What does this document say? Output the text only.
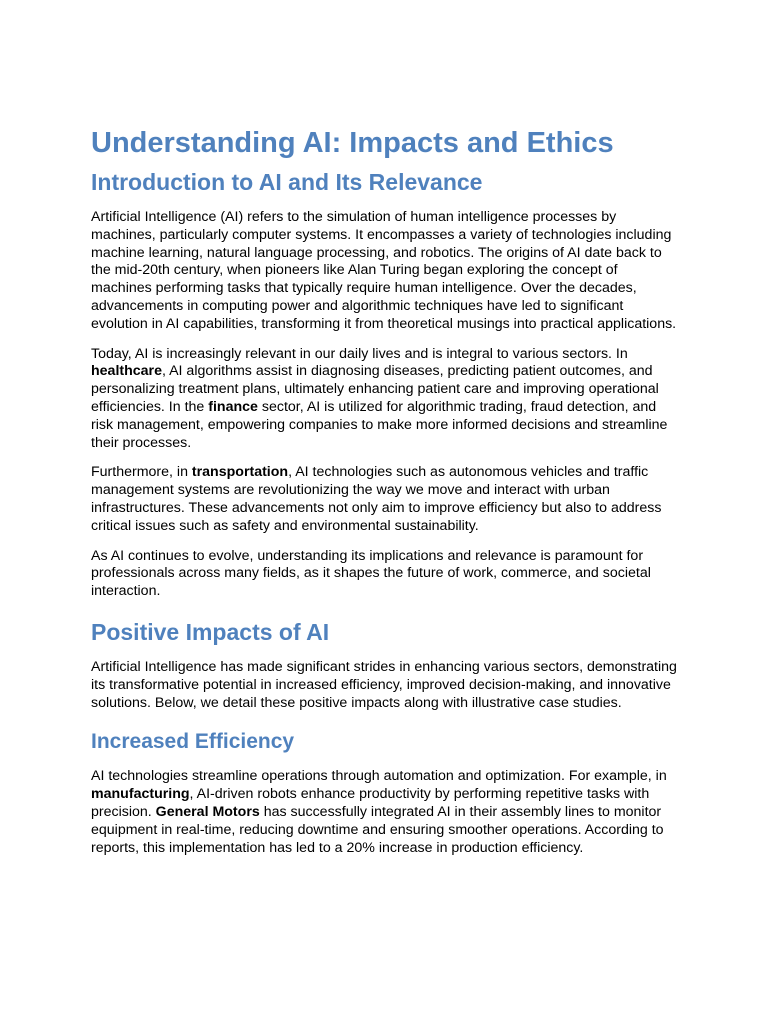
Understanding AI: Impacts and Ethics
Introduction to AI and Its Relevance

Artificial Intelligence (AI) refers to the simulation of human intelligence processes by machines, particularly computer systems. It encompasses a variety of technologies including machine learning, natural language processing, and robotics. The origins of AI date back to the mid-20th century, when pioneers like Alan Turing began exploring the concept of machines performing tasks that typically require human intelligence. Over the decades, advancements in computing power and algorithmic techniques have led to significant evolution in AI capabilities, transforming it from theoretical musings into practical applications.

Today, AI is increasingly relevant in our daily lives and is integral to various sectors. In healthcare, AI algorithms assist in diagnosing diseases, predicting patient outcomes, and personalizing treatment plans, ultimately enhancing patient care and improving operational efficiencies. In the finance sector, AI is utilized for algorithmic trading, fraud detection, and risk management, empowering companies to make more informed decisions and streamline their processes.

Furthermore, in transportation, AI technologies such as autonomous vehicles and traffic management systems are revolutionizing the way we move and interact with urban infrastructures. These advancements not only aim to improve efficiency but also to address critical issues such as safety and environmental sustainability.

As AI continues to evolve, understanding its implications and relevance is paramount for professionals across many fields, as it shapes the future of work, commerce, and societal interaction.

Positive Impacts of AI

Artificial Intelligence has made significant strides in enhancing various sectors, demonstrating its transformative potential in increased efficiency, improved decision-making, and innovative solutions. Below, we detail these positive impacts along with illustrative case studies.

Increased Efficiency

AI technologies streamline operations through automation and optimization. For example, in manufacturing, AI-driven robots enhance productivity by performing repetitive tasks with precision. General Motors has successfully integrated AI in their assembly lines to monitor equipment in real-time, reducing downtime and ensuring smoother operations. According to reports, this implementation has led to a 20% increase in production efficiency.
